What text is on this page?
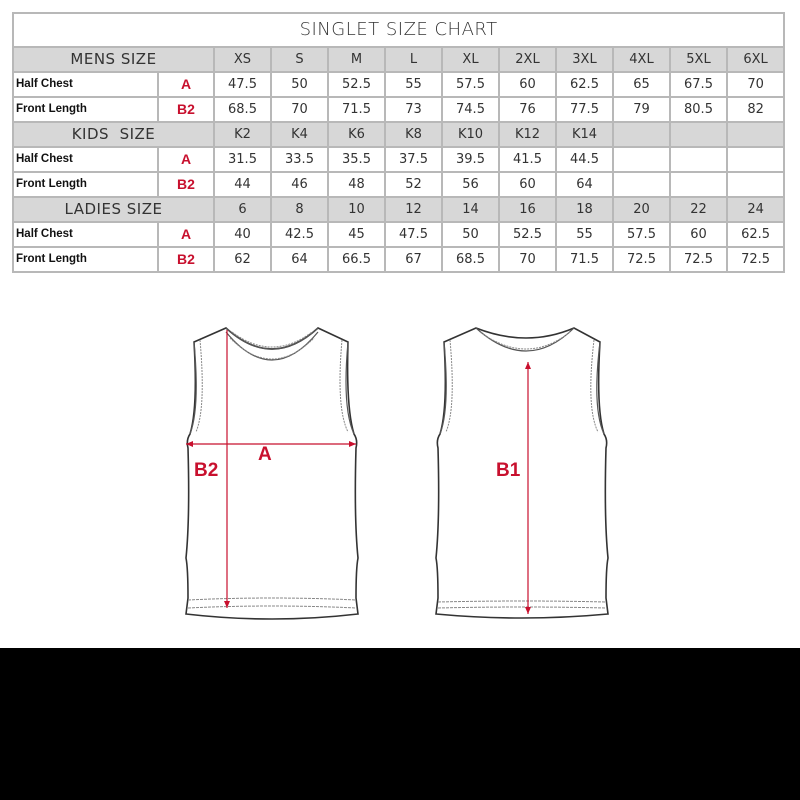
SINGLET SIZE CHART											
MENS SIZE		XS	S	M	L	XL	2XL	3XL	4XL	5XL	6XL
Half Chest	A	47.5	50	52.5	55	57.5	60	62.5	65	67.5	70
Front Length	B2	68.5	70	71.5	73	74.5	76	77.5	79	80.5	82
KIDS  SIZE		K2	K4	K6	K8	K10	K12	K14			
Half Chest	A	31.5	33.5	35.5	37.5	39.5	41.5	44.5			
Front Length	B2	44	46	48	52	56	60	64			
LADIES SIZE		6	8	10	12	14	16	18	20	22	24
Half Chest	A	40	42.5	45	47.5	50	52.5	55	57.5	60	62.5
Front Length	B2	62	64	66.5	67	68.5	70	71.5	72.5	72.5	72.5
A
B2	B1
